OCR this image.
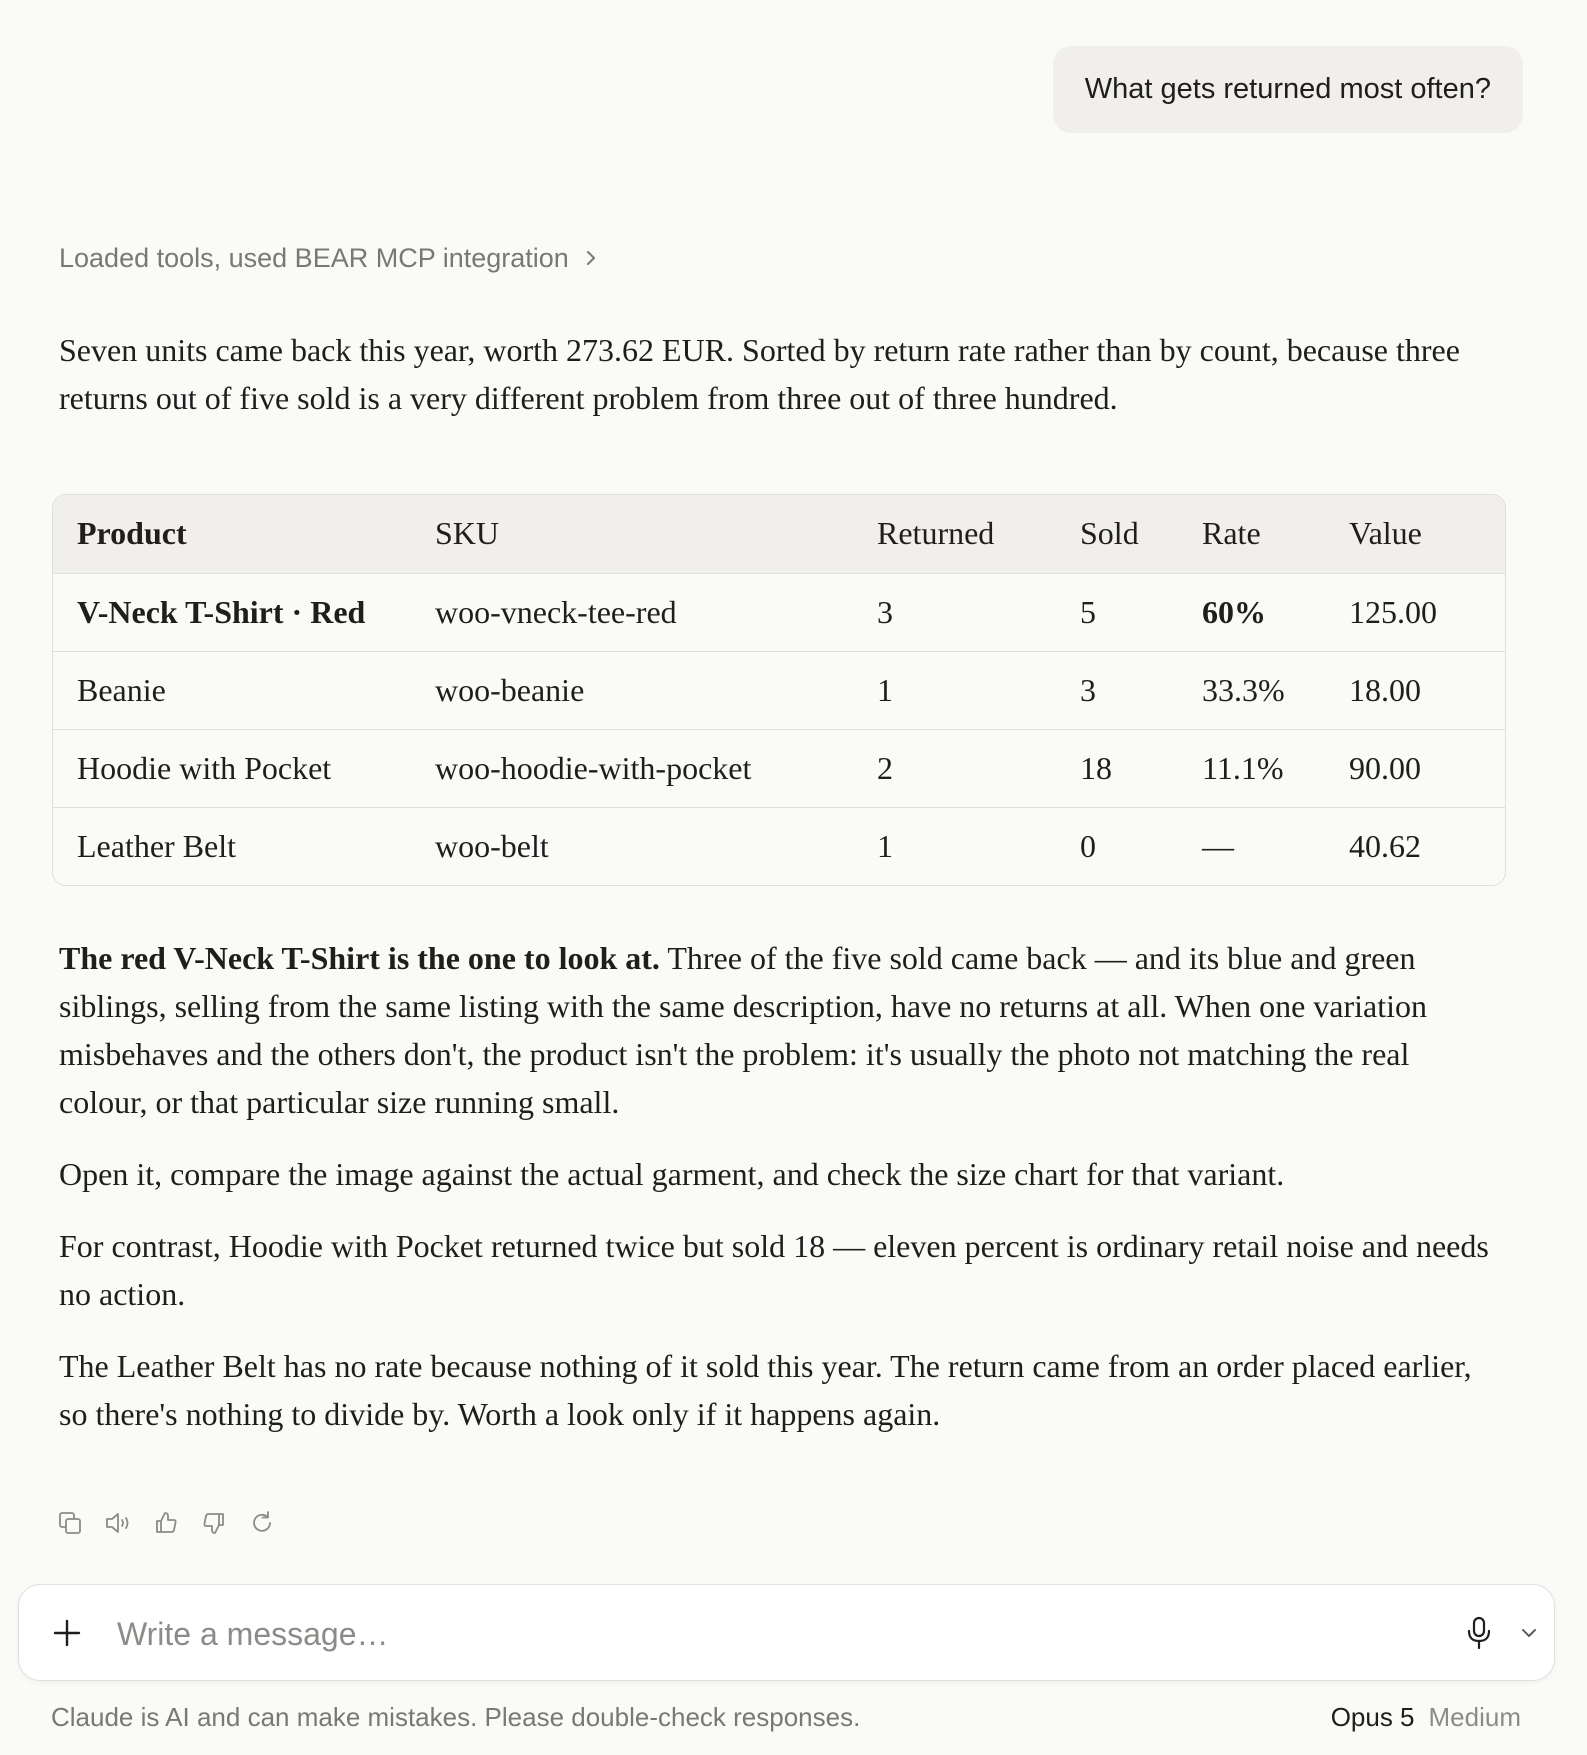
What gets returned most often?
Loaded tools, used BEAR MCP integration

Seven units came back this year, worth 273.62 EUR. Sorted by return rate rather than by count, because three returns out of five sold is a very different problem from three out of three hundred.

Product	SKU	Returned	Sold	Rate	Value
V-Neck T-Shirt · Red	woo-vneck-tee-red	3	5	60%	125.00
Beanie	woo-beanie	1	3	33.3%	18.00
Hoodie with Pocket	woo-hoodie-with-pocket	2	18	11.1%	90.00
Leather Belt	woo-belt	1	0	—	40.62

The red V-Neck T-Shirt is the one to look at. Three of the five sold came back — and its blue and green siblings, selling from the same listing with the same description, have no returns at all. When one variation misbehaves and the others don't, the product isn't the problem: it's usually the photo not matching the real colour, or that particular size running small.

Open it, compare the image against the actual garment, and check the size chart for that variant.

For contrast, Hoodie with Pocket returned twice but sold 18 — eleven percent is ordinary retail noise and needs no action.

The Leather Belt has no rate because nothing of it sold this year. The return came from an order placed earlier, so there's nothing to divide by. Worth a look only if it happens again.

Write a message…
Claude is AI and can make mistakes. Please double-check responses.	Opus 5 Medium
